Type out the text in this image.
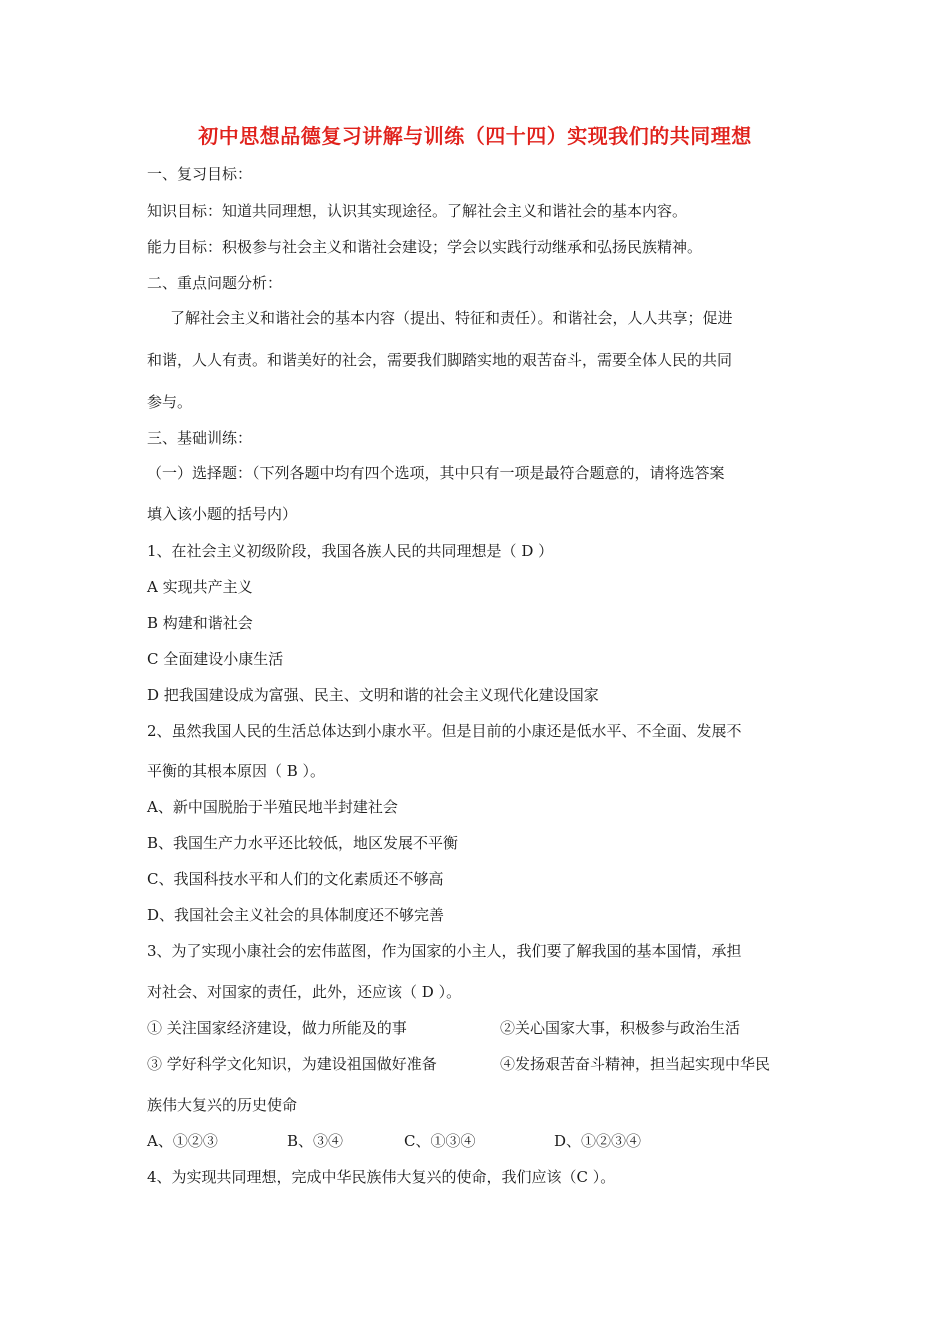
初中思想品德复习讲解与训练（四十四）实现我们的共同理想
一、复习目标：
知识目标：知道共同理想，认识其实现途径。了解社会主义和谐社会的基本内容。
能力目标：积极参与社会主义和谐社会建设；学会以实践行动继承和弘扬民族精神。
二、重点问题分析：
了解社会主义和谐社会的基本内容（提出、特征和责任）。和谐社会，人人共享；促进
和谐，人人有责。和谐美好的社会，需要我们脚踏实地的艰苦奋斗，需要全体人民的共同
参与。
三、基础训练：
（一）选择题：（下列各题中均有四个选项，其中只有一项是最符合题意的，请将选答案
填入该小题的括号内）
1、在社会主义初级阶段，我国各族人民的共同理想是（ D ）
A 实现共产主义
B 构建和谐社会
C 全面建设小康生活
D 把我国建设成为富强、民主、文明和谐的社会主义现代化建设国家
2、虽然我国人民的生活总体达到小康水平。但是目前的小康还是低水平、不全面、发展不
平衡的其根本原因（ B ）。
A、新中国脱胎于半殖民地半封建社会
B、我国生产力水平还比较低，地区发展不平衡
C、我国科技水平和人们的文化素质还不够高
D、我国社会主义社会的具体制度还不够完善
3、为了实现小康社会的宏伟蓝图，作为国家的小主人，我们要了解我国的基本国情，承担
对社会、对国家的责任，此外，还应该（ D ）。
① 关注国家经济建设，做力所能及的事	②关心国家大事，积极参与政治生活
③ 学好科学文化知识，为建设祖国做好准备	④发扬艰苦奋斗精神，担当起实现中华民
族伟大复兴的历史使命
A、①②③	B、③④	C、①③④	D、①②③④
4、为实现共同理想，完成中华民族伟大复兴的使命，我们应该（C ）。
